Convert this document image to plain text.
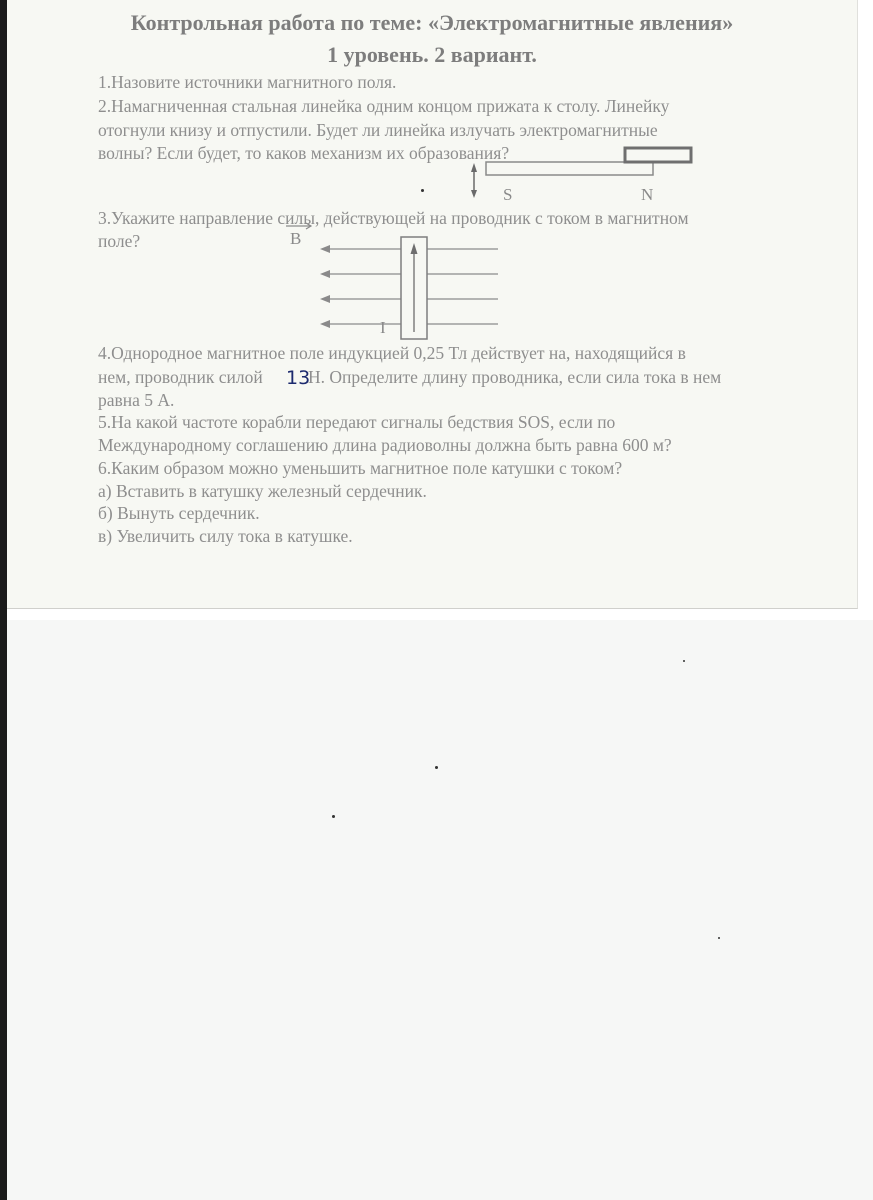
Контрольная работа по теме: «Электромагнитные явления»
1 уровень. 2 вариант.
1.Назовите источники магнитного поля.
2.Намагниченная стальная линейка одним концом прижата к столу. Линейку
отогнули книзу и отпустили. Будет ли линейка излучать электромагнитные
волны? Если будет, то каков механизм их образования?
S	N
3.Укажите направление силы, действующей на проводник с током в магнитном
поле?	B
I
4.Однородное магнитное поле индукцией 0,25 Тл действует на, находящийся в
нем, проводник силой 13
Н. Определите длину проводника, если сила тока в нем
равна 5 А.
5.На какой частоте корабли передают сигналы бедствия SOS, если по
Международному соглашению длина радиоволны должна быть равна 600 м?
6.Каким образом можно уменьшить магнитное поле катушки с током?
а) Вставить в катушку железный сердечник.
б) Вынуть сердечник.
в) Увеличить силу тока в катушке.
